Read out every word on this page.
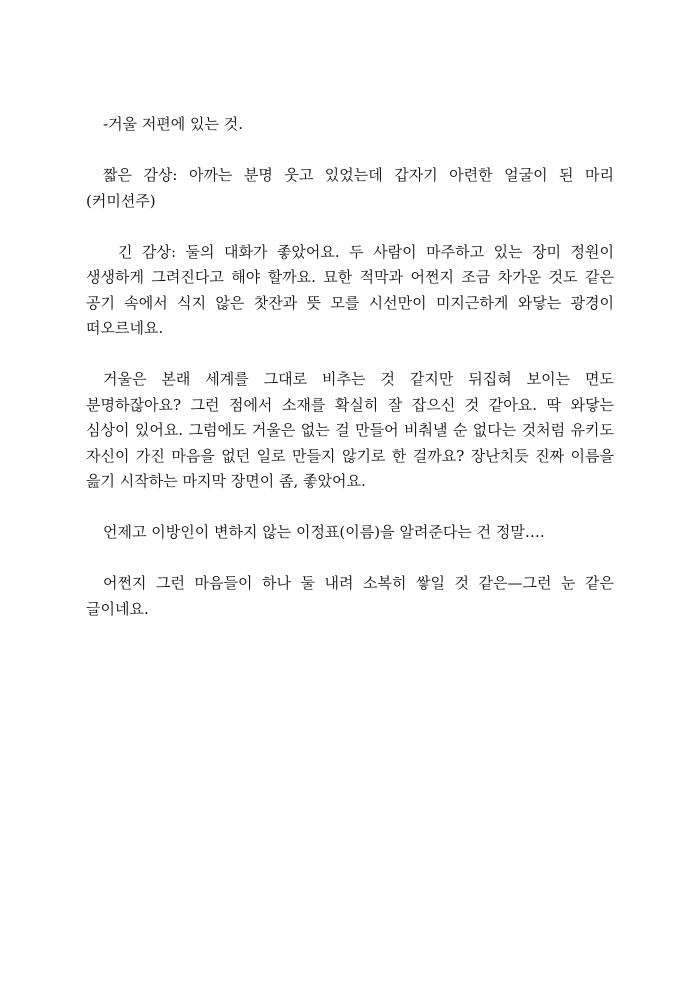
-거울 저편에 있는 것.

짧은 감상: 아까는 분명 웃고 있었는데 갑자기 아련한 얼굴이 된 마리(커미션주)

긴 감상: 둘의 대화가 좋았어요. 두 사람이 마주하고 있는 장미 정원이 생생하게 그려진다고 해야 할까요. 묘한 적막과 어쩐지 조금 차가운 것도 같은 공기 속에서 식지 않은 찻잔과 뜻 모를 시선만이 미지근하게 와닿는 광경이 떠오르네요.

거울은 본래 세계를 그대로 비추는 것 같지만 뒤집혀 보이는 면도 분명하잖아요? 그런 점에서 소재를 확실히 잘 잡으신 것 같아요. 딱 와닿는 심상이 있어요. 그럼에도 거울은 없는 걸 만들어 비춰낼 순 없다는 것처럼 유키도 자신이 가진 마음을 없던 일로 만들지 않기로 한 걸까요? 장난치듯 진짜 이름을 읊기 시작하는 마지막 장면이 좀, 좋았어요.

언제고 이방인이 변하지 않는 이정표(이름)을 알려준다는 건 정말….

어쩐지 그런 마음들이 하나 둘 내려 소복히 쌓일 것 같은—그런 눈 같은 글이네요.
